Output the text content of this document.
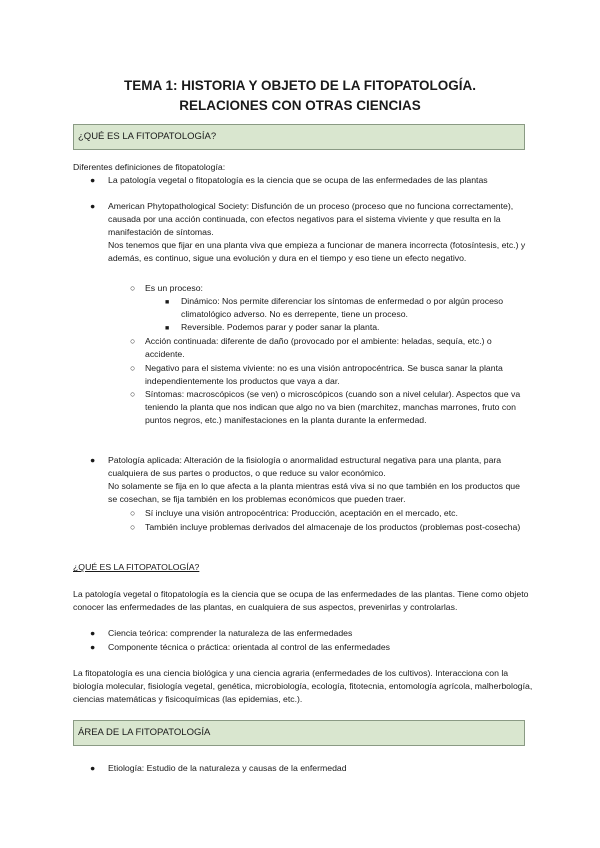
TEMA 1: HISTORIA Y OBJETO DE LA FITOPATOLOGÍA.

RELACIONES CON OTRAS CIENCIAS

¿QUÉ ES LA FITOPATOLOGÍA?
Diferentes definiciones de fitopatología:
● La patología vegetal o fitopatología es la ciencia que se ocupa de las enfermedades de las plantas
● American Phytopathological Society: Disfunción de un proceso (proceso que no funciona correctamente), causada por una acción continuada, con efectos negativos para el sistema viviente y que resulta en la manifestación de síntomas.

Nos tenemos que fijar en una planta viva que empieza a funcionar de manera incorrecta (fotosíntesis, etc.) y además, es continuo, sigue una evolución y dura en el tiempo y eso tiene un efecto negativo.

○ Es un proceso:
■ Dinámico: Nos permite diferenciar los síntomas de enfermedad o por algún proceso climatológico adverso. No es derrepente, tiene un proceso.
■ Reversible. Podemos parar y poder sanar la planta.
○ Acción continuada: diferente de daño (provocado por el ambiente: heladas, sequía, etc.) o accidente.
○ Negativo para el sistema viviente: no es una visión antropocéntrica. Se busca sanar la planta independientemente los productos que vaya a dar.
○ Síntomas: macroscópicos (se ven) o microscópicos (cuando son a nivel celular). Aspectos que va teniendo la planta que nos indican que algo no va bien (marchitez, manchas marrones, fruto con puntos negros, etc.) manifestaciones en la planta durante la enfermedad.
● Patología aplicada: Alteración de la fisiología o anormalidad estructural negativa para una planta, para cualquiera de sus partes o productos, o que reduce su valor económico.

No solamente se fija en lo que afecta a la planta mientras está viva si no que también en los productos que se cosechan, se fija también en los problemas económicos que pueden traer.

○ Sí incluye una visión antropocéntrica: Producción, aceptación en el mercado, etc.
○ También incluye problemas derivados del almacenaje de los productos (problemas post-cosecha)
¿QUÉ ES LA FITOPATOLOGÍA?
La patología vegetal o fitopatología es la ciencia que se ocupa de las enfermedades de las plantas. Tiene como objeto conocer las enfermedades de las plantas, en cualquiera de sus aspectos, prevenirlas y controlarlas.
● Ciencia teórica: comprender la naturaleza de las enfermedades
● Componente técnica o práctica: orientada al control de las enfermedades
La fitopatología es una ciencia biológica y una ciencia agraria (enfermedades de los cultivos). Interacciona con la biología molecular, fisiología vegetal, genética, microbiología, ecología, fitotecnia, entomología agrícola, malherbología, ciencias matemáticas y fisicoquímicas (las epidemias, etc.).
ÁREA DE LA FITOPATOLOGÍA
● Etiología: Estudio de la naturaleza y causas de la enfermedad
